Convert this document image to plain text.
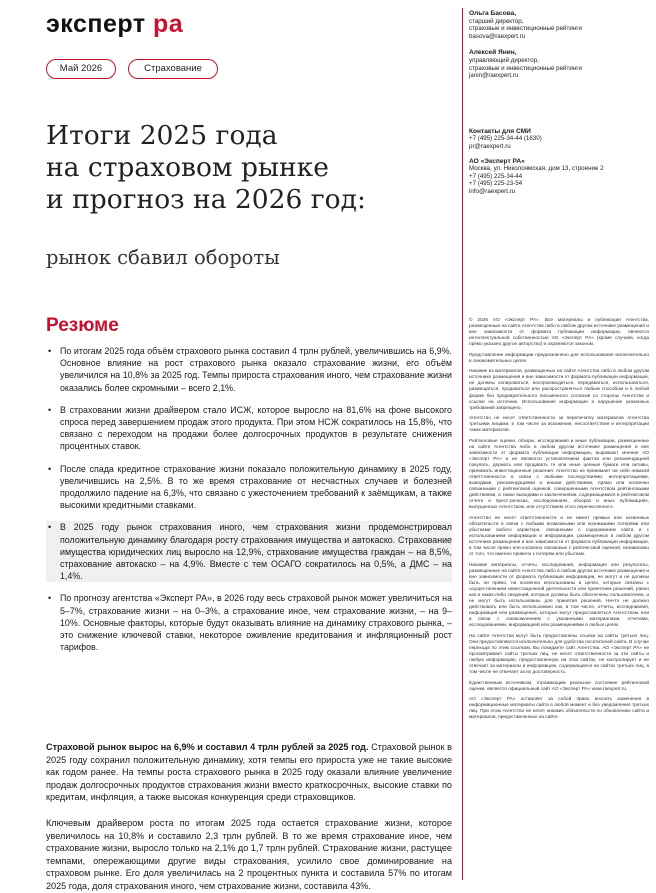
эксперт ра
Май 2026	Страхование
Итоги 2025 года
на страховом рынке
и прогноз на 2026 год:
рынок сбавил обороты
Резюме
• По итогам 2025 года объём страхового рынка составил 4 трлн рублей, увеличившись на 6,9%. Основное влияние на рост страхового рынка оказало страхование жизни, его объём увеличился на 10,8% за 2025 год. Темпы прироста страхования иного, чем страхование жизни оказались более скромными – всего 2,1%.
• В страховании жизни драйвером стало ИСЖ, которое выросло на 81,6% на фоне высокого спроса перед завершением продаж этого продукта. При этом НСЖ сократилось на 15,8%, что связано с переходом на продажи более долгосрочных продуктов в результате снижения процентных ставок.
• После спада кредитное страхование жизни показало положительную динамику в 2025 году, увеличившись на 2,5%. В то же время страхование от несчастных случаев и болезней продолжило падение на 6,3%, что связано с ужесточением требований к заёмщикам, а также высокими кредитными ставками.
• В 2025 году рынок страхования иного, чем страхования жизни продемонстрировал положительную динамику благодаря росту страхования имущества и автокаско. Страхование имущества юридических лиц выросло на 12,9%, страхование имущества граждан – на 8,5%, страхование автокаско – на 4,9%. Вместе с тем ОСАГО сократилось на 0,5%, а ДМС – на 1,4%.
• По прогнозу агентства «Эксперт РА», в 2026 году весь страховой рынок может увеличиться на 5–7%, страхование жизни – на 0–3%, а страхование иное, чем страхование жизни, – на 9–10%. Основные факторы, которые будут оказывать влияние на динамику страхового рынка, – это снижение ключевой ставки, некоторое оживление кредитования и инфляционный рост тарифов.
Страховой рынок вырос на 6,9% и составил 4 трлн рублей за 2025 год. Страховой рынок в 2025 году сохранил положительную динамику, хотя темпы его прироста уже не такие высокие как годом ранее. На темпы роста страхового рынка в 2025 году оказали влияние увеличение продаж долгосрочных продуктов страхования жизни вместо краткосрочных, высокие ставки по кредитам, инфляция, а также высокая конкуренция среди страховщиков.
Ключевым драйвером роста по итогам 2025 года остается страхование жизни, которое увеличилось на 10,8% и составило 2,3 трлн рублей. В то же время страхование иное, чем страхование жизни, выросло только на 2,1% до 1,7 трлн рублей. Страхование жизни, растущее темпами, опережающими другие виды страхования, усилило свое доминирование на страховом рынке. Его доля увеличилась на 2 процентных пункта и составила 57% по итогам 2025 года, доля страхования иного, чем страхование жизни, составила 43%.
Ольга Басова,
старший директор,
страховые и инвестиционные рейтинги
basova@raexpert.ru
Алексей Янин,
управляющий директор,
страховые и инвестиционные рейтинги
janin@raexpert.ru
Контакты для СМИ
+7 (495) 225-34-44 (1630)
pr@raexpert.ru
АО «Эксперт РА»
Москва, ул. Николоямская, дом 13, строение 2
+7 (495) 225-34-44
+7 (495) 225-23-54
info@raexpert.ru

© 2026 АО «Эксперт РА». Все материалы и публикации Агентства, размещенные на сайте Агентства либо в любом другом источнике размещения и вне зависимости от формата публикации информации, являются интеллектуальной собственностью АО «Эксперт РА» (кроме случаев, когда прямо указано другое авторство) и охраняются законом.

Представление информации предназначено для использования исключительно в ознакомительных целях.

Никакие из материалов, размещенных на сайте Агентства либо в любом другом источнике размещения и вне зависимости от формата публикации информации, не должны копироваться, воспроизводиться, передаваться, использоваться, размещаться, продаваться или распространяться любым способом и в любой форме без предварительного письменного согласия со стороны Агентства и ссылки на источник. Использование информации в нарушение указанных требований запрещено.

Агентство не несет ответственности за перепечатку материалов Агентства третьими лицами, в том числе за искажение, несоответствия и интерпретации таких материалов.

Рейтинговые оценки, обзоры, исследования и иные публикации, размещенные на сайте Агентства либо в любом другом источнике размещения и вне зависимости от формата публикации информации, выражают мнение АО «Эксперт РА» и не являются установлением фактов или рекомендацией покупать, держать или продавать те или иные ценные бумаги или активы, принимать инвестиционные решения. Агентство не принимает на себя никакой ответственности в связи с любыми последствиями, интерпретациями, выводами, рекомендациями и иными действиями, прямо или косвенно связанными с рейтинговой оценкой, совершенными Агентством рейтинговыми действиями, а также выводами и заключениями, содержащимися в рейтинговом отчете и пресс-релизах, исследованиях, обзорах и иных публикациях, выпущенных Агентством, или отсутствием этого перечисленного.

Агентство не несет ответственности и не имеет прямых или косвенных обязательств в связи с любыми возможными или возникшими потерями или убытками любого характера, связанными с содержанием сайта и с использованием информации и информации, размещенных в любом другом источнике размещения и вне зависимости от формата публикации информации, в том числе прямо или косвенно связанных с рейтинговой оценкой, независимо от того, что именно привело к потерям или убыткам.

Никакие материалы, отчеты, исследования, информация или результаты, размещенные на сайте Агентства либо в любом другом источнике размещения и вне зависимости от формата публикации информации, не могут и не должны быть ни прямо, ни косвенно использованы в целях, которые связаны с осуществлением инвестиционной деятельности или принятием решений, равно как и каких-либо сведений, которые должны быть обеспечены пользователем, и не могут быть использованы для принятия решений. Ничто не должно действовать или быть использовано как, в том числе, отчеты, исследования, информация или размещения, которые могут предоставляться Агентством, или в связи с ознакомлением с указанными материалами, отчетами, исследованиями, информацией или размещениями в любых целях.

На сайте Агентства могут быть предоставлены ссылки на сайты третьих лиц. Они предоставляются исключительно для удобства посетителей сайта. В случае перехода по этим ссылкам, Вы покидаете сайт Агентства. АО «Эксперт РА» не просматривает сайты третьих лиц, не несет ответственности за эти сайты и любую информацию, предоставленную на этих сайтах, не контролирует и не отвечает за материалы и информацию, содержащиеся на сайтах третьих лиц, в том числе не отвечает за их достоверность.

Единственным источником, отражающим реальное состояние рейтинговой оценки, является официальный сайт АО «Эксперт РА» www.raexpert.ru.

АО «Эксперт РА» оставляет за собой право вносить изменения в информационные материалы сайта в любой момент и без уведомления третьих лиц. При этом Агентство не несет никаких обязательств по обновлению сайта и материалов, предоставленных на сайте.
